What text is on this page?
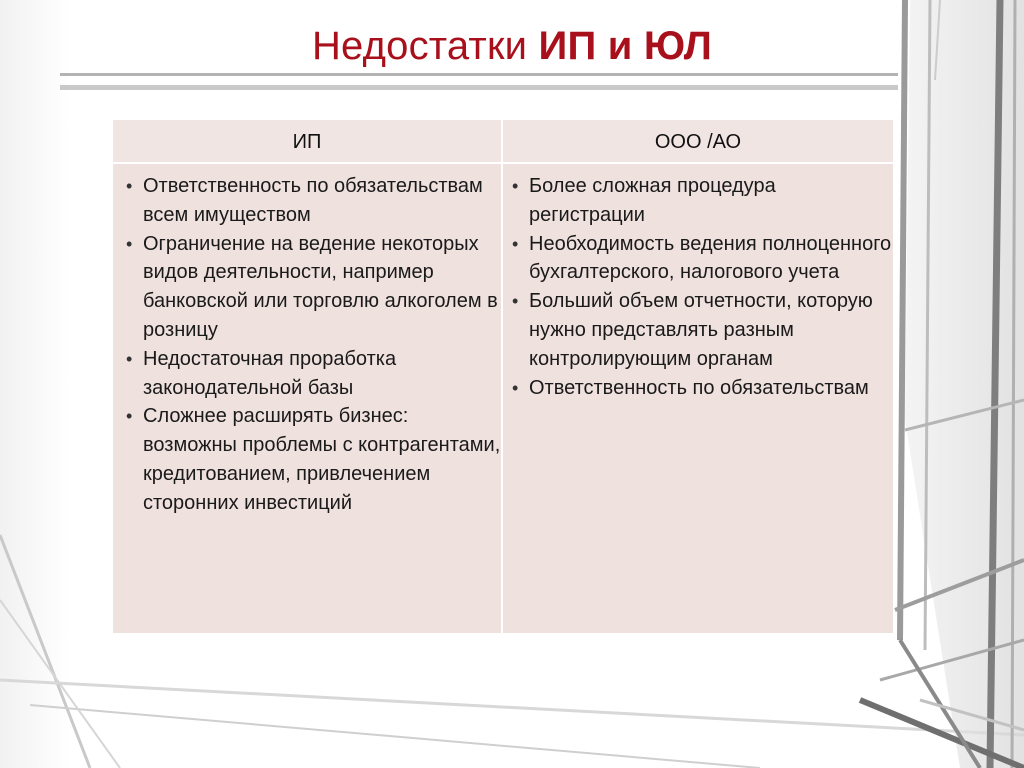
Недостатки ИП и ЮЛ
ИП	ООО /АО
• Ответственность по обязательствам всем имуществом
• Ограничение на ведение некоторых видов деятельности, например банковской или торговлю алкоголем в розницу
• Недостаточная проработка законодательной базы
• Сложнее расширять бизнес: возможны проблемы с контрагентами, кредитованием, привлечением сторонних инвестиций
• Более сложная процедура регистрации
• Необходимость ведения полноценного бухгалтерского, налогового учета
• Больший объем отчетности, которую нужно представлять разным контролирующим органам
• Ответственность по обязательствам
